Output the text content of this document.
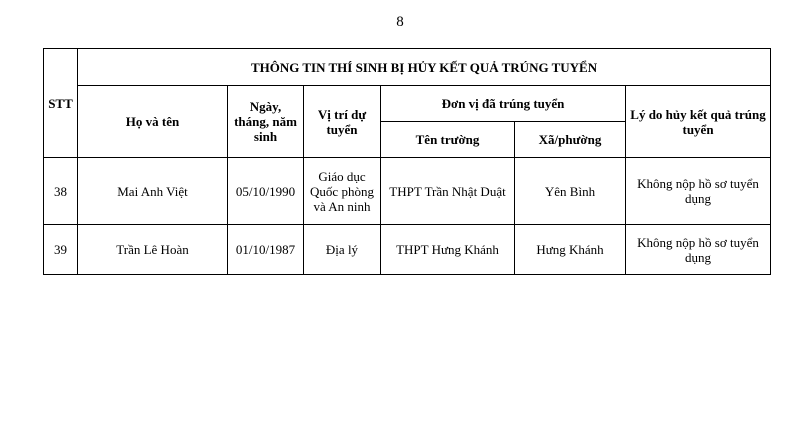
8
STT	THÔNG TIN THÍ SINH BỊ HỦY KẾT QUẢ TRÚNG TUYỂN					
	Họ và tên	Ngày, tháng, năm sinh	Vị trí dự tuyển	Đơn vị đã trúng tuyển		Lý do hủy kết quả trúng tuyển
				Tên trường	Xã/phường	
38	Mai Anh Việt	05/10/1990	Giáo dục Quốc phòng và An ninh	THPT Trần Nhật Duật	Yên Bình	Không nộp hồ sơ tuyển dụng
39	Trần Lê Hoàn	01/10/1987	Địa lý	THPT Hưng Khánh	Hưng Khánh	Không nộp hồ sơ tuyển dụng
